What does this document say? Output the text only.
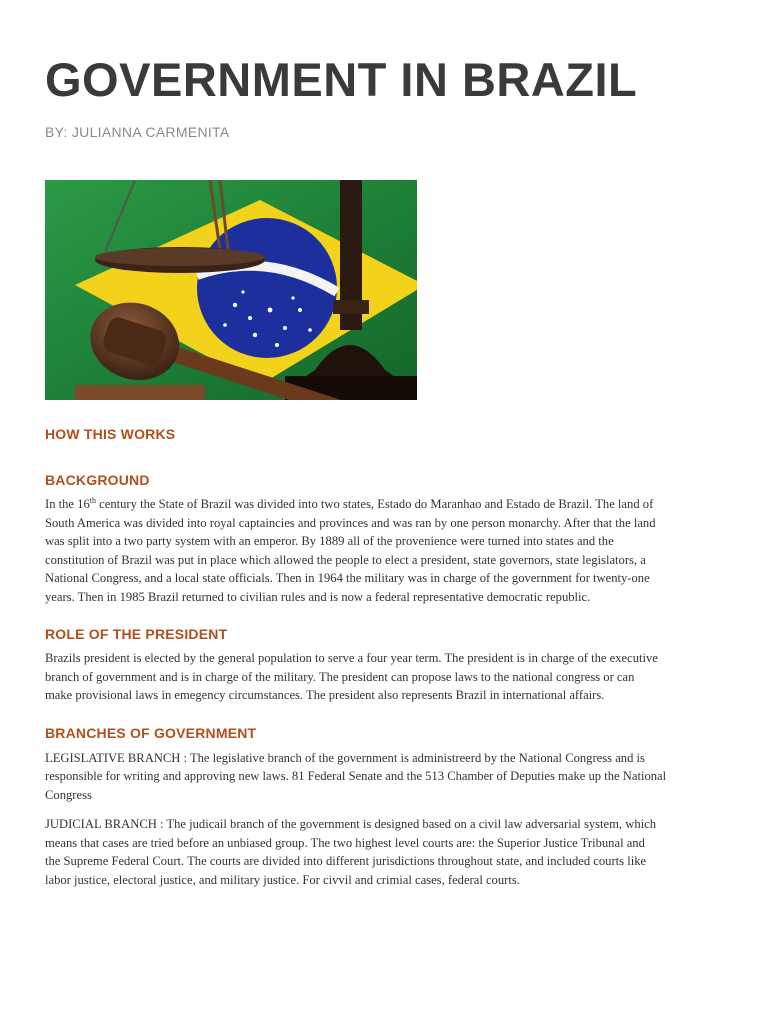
GOVERNMENT IN BRAZIL

BY: JULIANNA CARMENITA

HOW THIS WORKS
BACKGROUND

In the 16th century the State of Brazil was divided into two states, Estado do Maranhao and Estado de Brazil. The land of
South America was divided into royal captaincies and provinces and was ran by one person monarchy. After that the land
was split into a two party system with an emperor. By 1889 all of the provenience were turned into states and the
constitution of Brazil was put in place which allowed the people to elect a president, state governors, state legislators, a
National Congress, and a local state officials. Then in 1964 the military was in charge of the government for twenty-one
years. Then in 1985 Brazil returned to civilian rules and is now a federal representative democratic republic.

ROLE OF THE PRESIDENT

Brazils president is elected by the general population to serve a four year term. The president is in charge of the executive
branch of government and is in charge of the military. The president can propose laws to the national congress or can
make provisional laws in emegency circumstances. The president also represents Brazil in international affairs.

BRANCHES OF GOVERNMENT

LEGISLATIVE BRANCH : The legislative branch of the government is administreerd by the National Congress and is
responsible for writing and approving new laws. 81 Federal Senate and the 513 Chamber of Deputies make up the National
Congress

JUDICIAL BRANCH : The judicail branch of the government is designed based on a civil law adversarial system, which
means that cases are tried before an unbiased group. The two highest level courts are: the Superior Justice Tribunal and
the Supreme Federal Court. The courts are divided into different jurisdictions throughout state, and included courts like
labor justice, electoral justice, and military justice. For civvil and crimial cases, federal courts.
